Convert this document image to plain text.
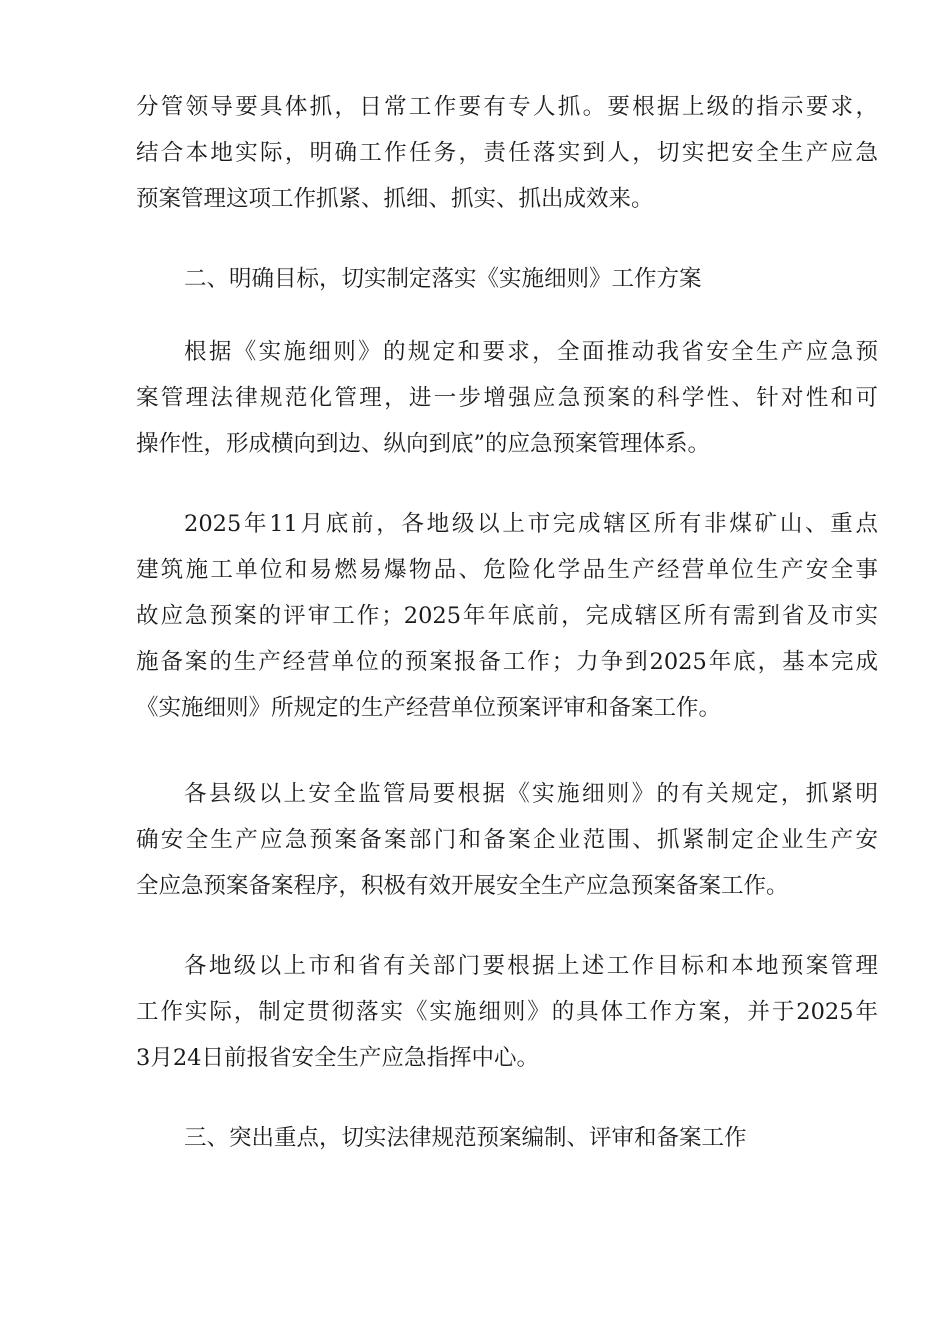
分管领导要具体抓，日常工作要有专人抓。要根据上级的指示要求，
结合本地实际，明确工作任务，责任落实到人，切实把安全生产应急
预案管理这项工作抓紧、抓细、抓实、抓出成效来。
二、明确目标，切实制定落实《实施细则》工作方案
根据《实施细则》的规定和要求，全面推动我省安全生产应急预
案管理法律规范化管理，进一步增强应急预案的科学性、针对性和可
操作性，形成横向到边、纵向到底”的应急预案管理体系。
2025年11月底前，各地级以上市完成辖区所有非煤矿山、重点
建筑施工单位和易燃易爆物品、危险化学品生产经营单位生产安全事
故应急预案的评审工作；2025年年底前，完成辖区所有需到省及市实
施备案的生产经营单位的预案报备工作；力争到2025年底，基本完成
《实施细则》所规定的生产经营单位预案评审和备案工作。
各县级以上安全监管局要根据《实施细则》的有关规定，抓紧明
确安全生产应急预案备案部门和备案企业范围、抓紧制定企业生产安
全应急预案备案程序，积极有效开展安全生产应急预案备案工作。
各地级以上市和省有关部门要根据上述工作目标和本地预案管理
工作实际，制定贯彻落实《实施细则》的具体工作方案，并于2025年
3月24日前报省安全生产应急指挥中心。
三、突出重点，切实法律规范预案编制、评审和备案工作
